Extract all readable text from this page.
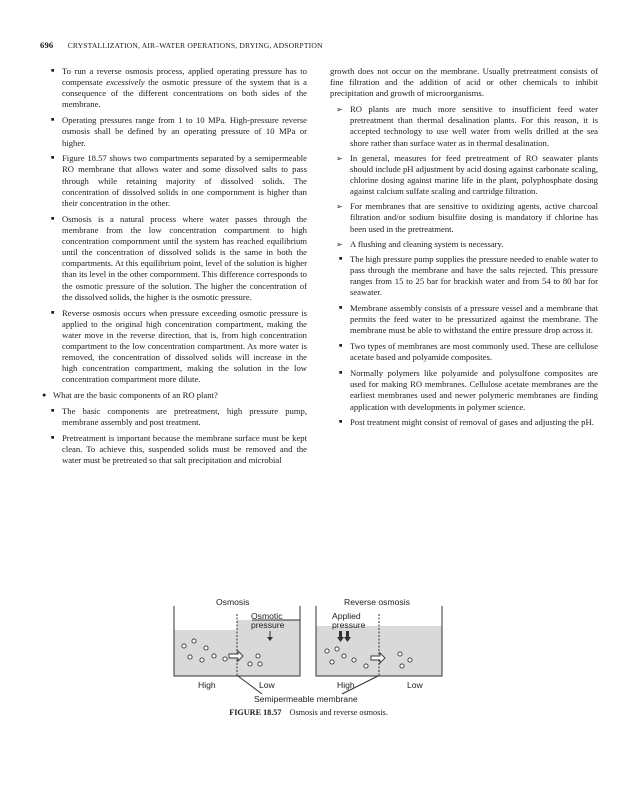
696 CRYSTALLIZATION, AIR–WATER OPERATIONS, DRYING, ADSORPTION
■ To run a reverse osmosis process, applied operating pressure has to compensate excessively the osmotic pressure of the system that is a consequence of the different concentrations on both sides of the membrane.
■ Operating pressures range from 1 to 10 MPa. High-pressure reverse osmosis shall be defined by an operating pressure of 10 MPa or higher.
■ Figure 18.57 shows two compartments separated by a semipermeable RO membrane that allows water and some dissolved salts to pass through while retaining majority of dissolved solids. The concentration of dissolved solids in one compornment is higher than their concentration in the other.
■ Osmosis is a natural process where water passes through the membrane from the low concentration compartment to high concentration compornment until the system has reached equilibrium until the concentration of dissolved solids is the same in both the compartments. At this equilibrium point, level of the solution is higher than its level in the other compornment. This difference corresponds to the osmotic pressure of the solution. The higher the concentration of the dissolved solids, the higher is the osmotic pressure.
■ Reverse osmosis occurs when pressure exceeding osmotic pressure is applied to the original high concentration compartment, making the water move in the reverse direction, that is, from high concentration compartment to the low concentration compartment. As more water is removed, the concentration of dissolved solids will increase in the high concentration compartment, making the solution in the low concentration compartment more dilute.
● What are the basic components of an RO plant?
■ The basic components are pretreatment, high pressure pump, membrane assembly and post treatment.
■ Pretreatment is important because the membrane surface must be kept clean. To achieve this, suspended solids must be removed and the water must be pretreated so that salt precipitation and microbial
growth does not occur on the membrane. Usually pretreatment consists of fine filtration and the addition of acid or other chemicals to inhibit precipitation and growth of microorganisms.
➢ RO plants are much more sensitive to insufficient feed water pretreatment than thermal desalination plants. For this reason, it is accepted technology to use well water from wells drilled at the sea shore rather than surface water as in thermal desalination.
➢ In general, measures for feed pretreatment of RO seawater plants should include pH adjustment by acid dosing against carbonate scaling, chlorine dosing against marine life in the plant, polyphosphate dosing against calcium sulfate scaling and cartridge filtration.
➢ For membranes that are sensitive to oxidizing agents, active charcoal filtration and/or sodium bisulfite dosing is mandatory if chlorine has been used in the pretreatment.
➢ A flushing and cleaning system is necessary.
■ The high pressure pump supplies the pressure needed to enable water to pass through the membrane and have the salts rejected. This pressure ranges from 15 to 25 bar for brackish water and from 54 to 80 bar for seawater.
■ Membrane assembly consists of a pressure vessel and a membrane that permits the feed water to be pressurized against the membrane. The membrane must be able to withstand the entire pressure drop across it.
■ Two types of membranes are most commonly used. These are cellulose acetate based and polyamide composites.
■ Normally polymers like polyamide and polysulfone composites are used for making RO membranes. Cellulose acetate membranes are the earliest membranes used and newer polymeric membranes are finding application with developments in polymer science.
■ Post treatment might consist of removal of gases and adjusting the pH.
Osmosis
Osmotic
pressure
High	Low
Reverse osmosis
Applied
pressure
High	Low
Semipermeable membrane
FIGURE 18.57 Osmosis and reverse osmosis.
